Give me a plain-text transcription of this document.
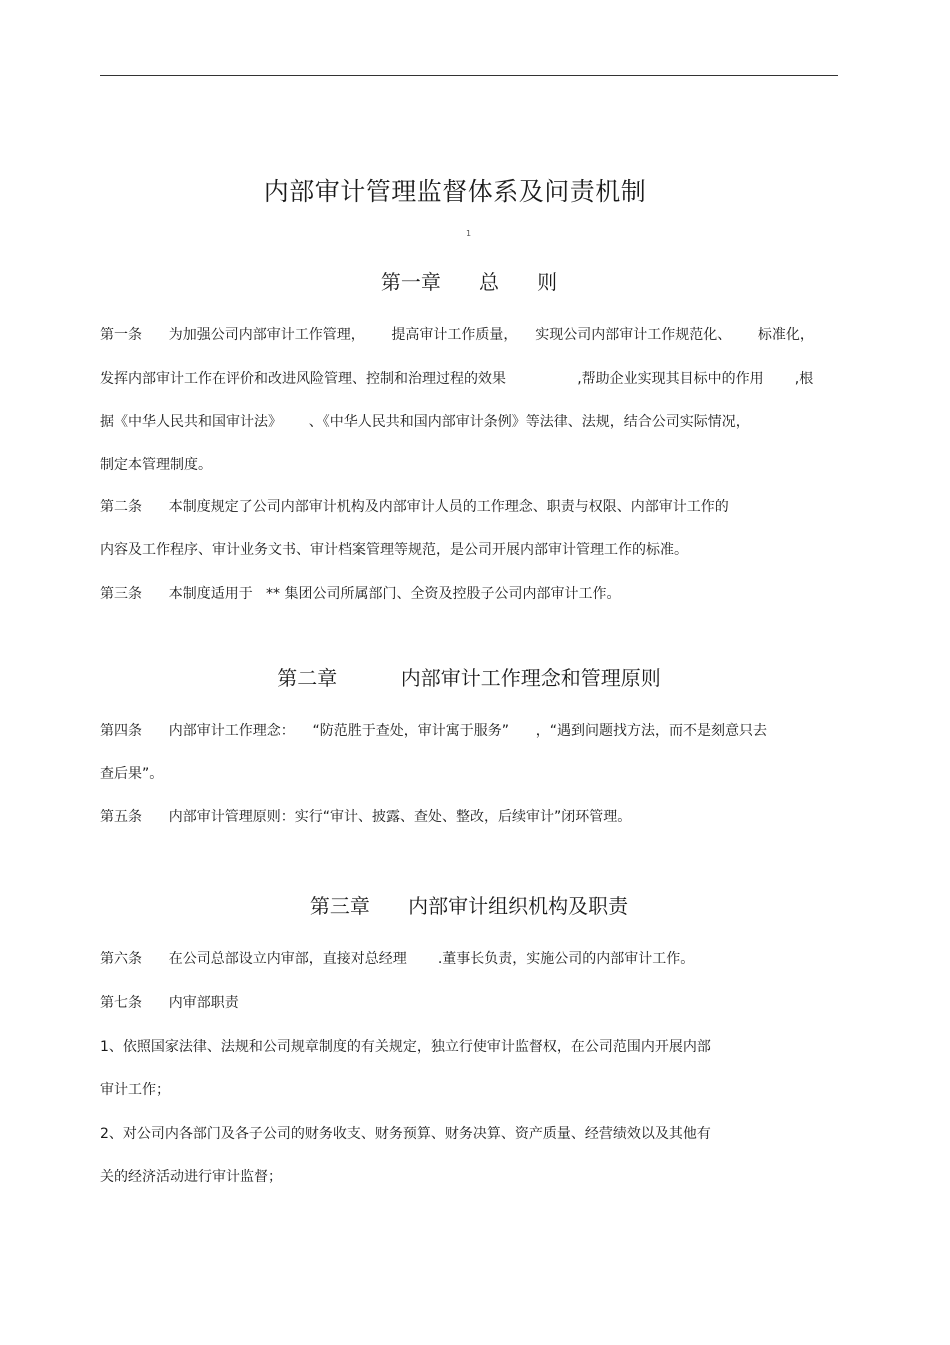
内部审计管理监督体系及问责机制
1
第一章      总      则
第一条      为加强公司内部审计工作管理，      提高审计工作质量，    实现公司内部审计工作规范化、      标准化，
发挥内部审计工作在评价和改进风险管理、控制和治理过程的效果                ,帮助企业实现其目标中的作用       ,根
据《中华人民共和国审计法》      、《中华人民共和国内部审计条例》等法律、法规，结合公司实际情况，
制定本管理制度。
第二条      本制度规定了公司内部审计机构及内部审计人员的工作理念、职责与权限、内部审计工作的
内容及工作程序、审计业务文书、审计档案管理等规范，是公司开展内部审计管理工作的标准。
第三条      本制度适用于   ** 集团公司所属部门、全资及控股子公司内部审计工作。
第二章          内部审计工作理念和管理原则
第四条      内部审计工作理念：    “防范胜于查处，审计寓于服务”      ，“遇到问题找方法，而不是刻意只去
查后果”。
第五条      内部审计管理原则：实行“审计、披露、查处、整改，后续审计”闭环管理。
第三章      内部审计组织机构及职责
第六条      在公司总部设立内审部，直接对总经理       .董事长负责，实施公司的内部审计工作。
第七条      内审部职责
1、依照国家法律、法规和公司规章制度的有关规定，独立行使审计监督权，在公司范围内开展内部
审计工作；
2、对公司内各部门及各子公司的财务收支、财务预算、财务决算、资产质量、经营绩效以及其他有
关的经济活动进行审计监督；
